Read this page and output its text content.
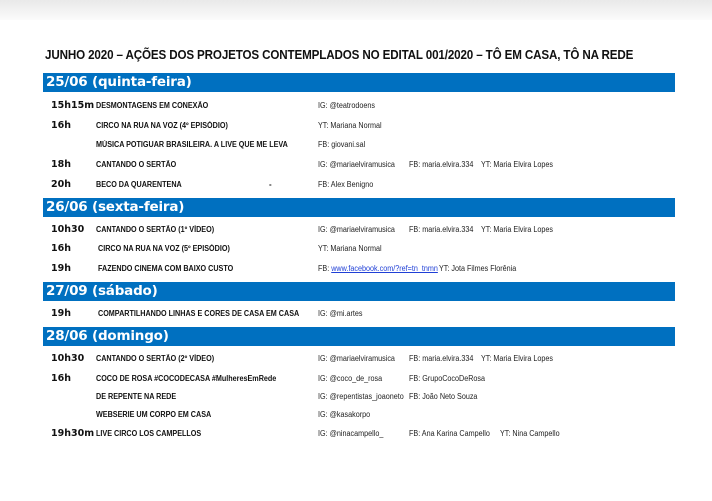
JUNHO 2020 – AÇÕES DOS PROJETOS CONTEMPLADOS NO EDITAL 001/2020 – TÔ EM CASA, TÔ NA REDE
25/06 (quinta-feira)
15h15m DESMONTAGENS EM CONEXÃO	IG: @teatrodoens
16h	CIRCO NA RUA NA VOZ (4º EPISÓDIO)	YT: Mariana Normal
MÚSICA POTIGUAR BRASILEIRA. A LIVE QUE ME LEVA	FB: giovani.sal
18h	CANTANDO O SERTÃO	IG: @mariaelviramusica FB: maria.elvira.334 YT: Maria Elvira Lopes
20h	BECO DA QUARENTENA	-	FB: Alex Benigno
26/06 (sexta-feira)
10h30 CANTANDO O SERTÃO (1º VÍDEO)	IG: @mariaelviramusica FB: maria.elvira.334 YT: Maria Elvira Lopes
16h	CIRCO NA RUA NA VOZ (5º EPISÓDIO)	YT: Mariana Normal
19h	FAZENDO CINEMA COM BAIXO CUSTO	FB: www.facebook.com/?ref=tn_tnmn YT: Jota Filmes Florênia
27/09 (sábado)
19h	COMPARTILHANDO LINHAS E CORES DE CASA EM CASA IG: @mi.artes
28/06 (domingo)
10h30 CANTANDO O SERTÃO (2º VÍDEO)	IG: @mariaelviramusica FB: maria.elvira.334 YT: Maria Elvira Lopes
16h	COCO DE ROSA #COCODECASA #MulheresEmRede	IG: @coco_de_rosa	FB: GrupoCocoDeRosa
DE REPENTE NA REDE	IG: @repentistas_joaoneto FB: João Neto Souza
WEBSERIE UM CORPO EM CASA	IG: @kasakorpo
19h30m LIVE CIRCO LOS CAMPELLOS	IG: @ninacampello_	FB: Ana Karina Campello YT: Nina Campello
